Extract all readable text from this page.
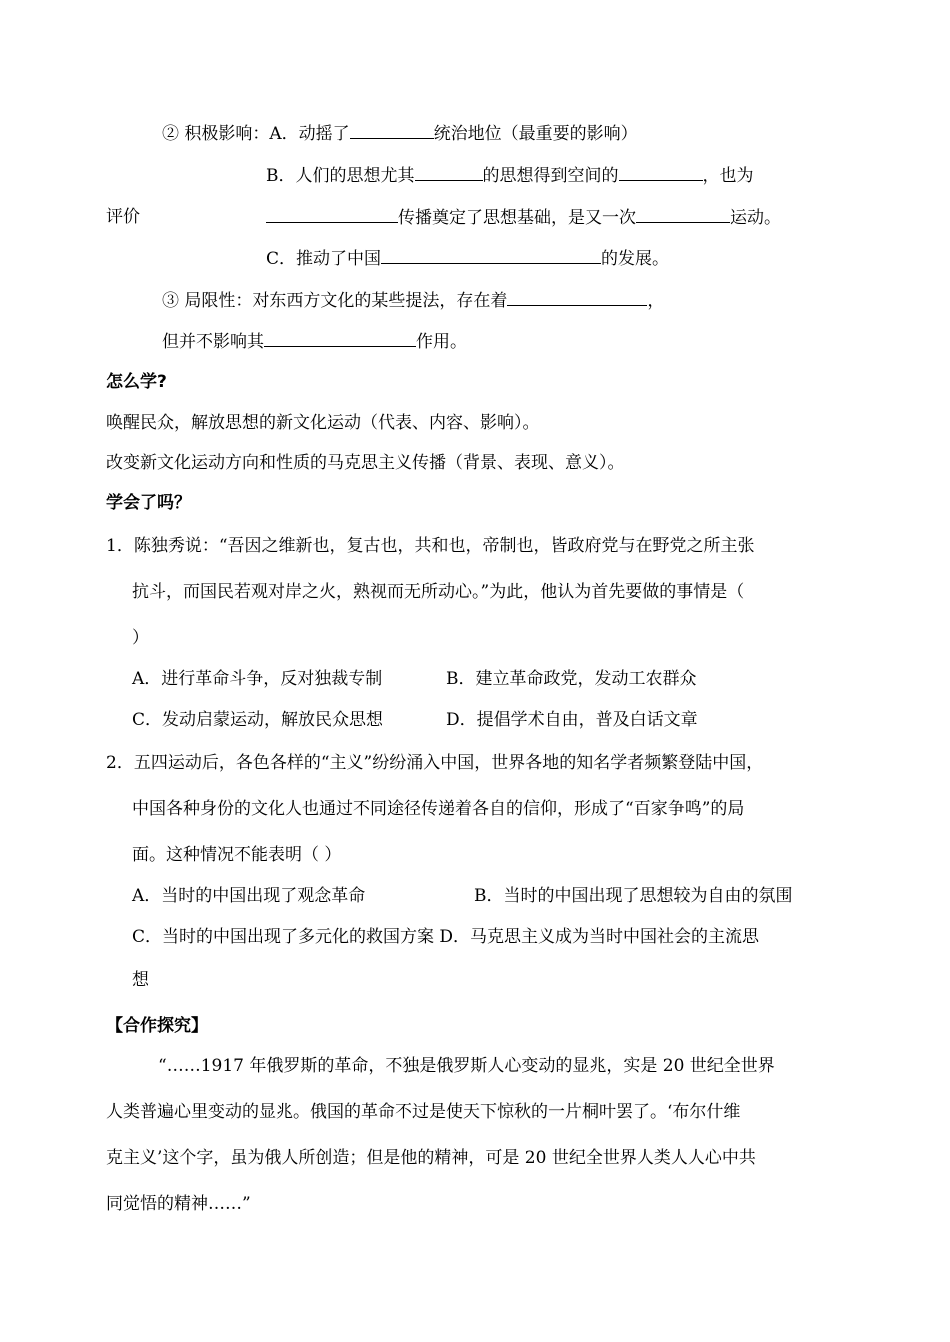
② 积极影响：A．动摇了	统治地位（最重要的影响）
B．人们的思想尤其	的思想得到空间的	，也为
评价	传播奠定了思想基础，是又一次	运动。
C．推动了中国	的发展。
③ 局限性：对东西方文化的某些提法，存在着	，
但并不影响其	作用。
怎么学?
唤醒民众，解放思想的新文化运动（代表、内容、影响）。
改变新文化运动方向和性质的马克思主义传播（背景、表现、意义）。
学会了吗？
1．陈独秀说：“吾因之维新也，复古也，共和也，帝制也，皆政府党与在野党之所主张
抗斗，而国民若观对岸之火，熟视而无所动心。”为此，他认为首先要做的事情是（
）
A．进行革命斗争，反对独裁专制	B．建立革命政党，发动工农群众
C．发动启蒙运动，解放民众思想	D．提倡学术自由，普及白话文章
2．五四运动后，各色各样的“主义”纷纷涌入中国，世界各地的知名学者频繁登陆中国，
中国各种身份的文化人也通过不同途径传递着各自的信仰，形成了“百家争鸣”的局
面。这种情况不能表明（ ）
A．当时的中国出现了观念革命	B．当时的中国出现了思想较为自由的氛围
C．当时的中国出现了多元化的救国方案 D．马克思主义成为当时中国社会的主流思
想
【合作探究】
“……1917 年俄罗斯的革命，不独是俄罗斯人心变动的显兆，实是 20 世纪全世界
人类普遍心里变动的显兆。俄国的革命不过是使天下惊秋的一片桐叶罢了。‘布尔什维
克主义’这个字，虽为俄人所创造；但是他的精神，可是 20 世纪全世界人类人人心中共
同觉悟的精神……”
